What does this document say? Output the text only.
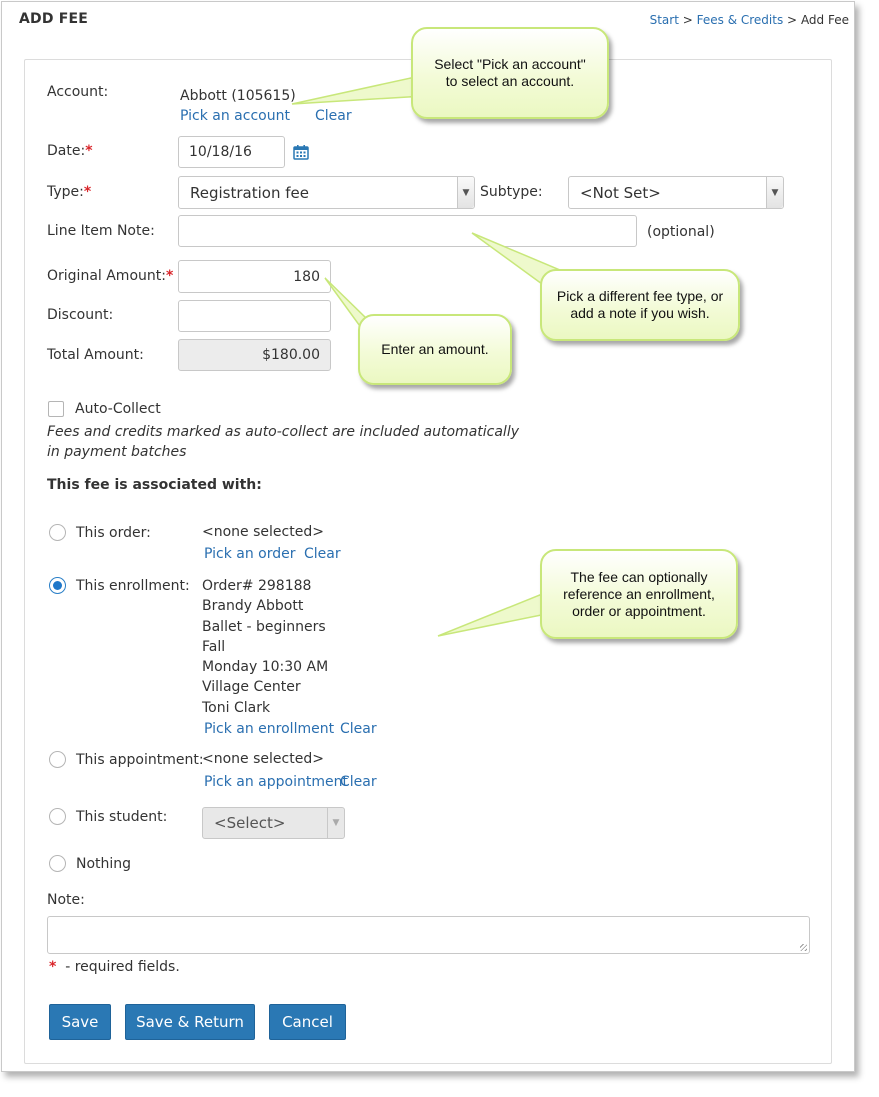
ADD FEE	Start > Fees & Credits > Add Fee
Account:	Abbott (105615)
Pick an account Clear
Date:*	10/18/16
Type:*	Registration fee	▼ Subtype: <Not Set>	▼
Line Item Note:	(optional)
Original Amount:*	180
Discount:
Total Amount:	$180.00
Auto-Collect
Fees and credits marked as auto-collect are included automatically in payment batches
This fee is associated with:
This order:	<none selected>
Pick an order Clear
This enrollment: Order# 298188
Brandy Abbott
Ballet - beginners
Fall
Monday 10:30 AM
Village Center
Toni Clark
Pick an enrollment Clear
This appointment:
<none selected>
Pick an appointment
Clear
This student:	<Select>	▼
Nothing
Note:
* - required fields.
Save	Save & Return	Cancel
Select "Pick an account" to select an account.
Pick a different fee type, or add a note if you wish.
Enter an amount.
The fee can optionally reference an enrollment, order or appointment.
